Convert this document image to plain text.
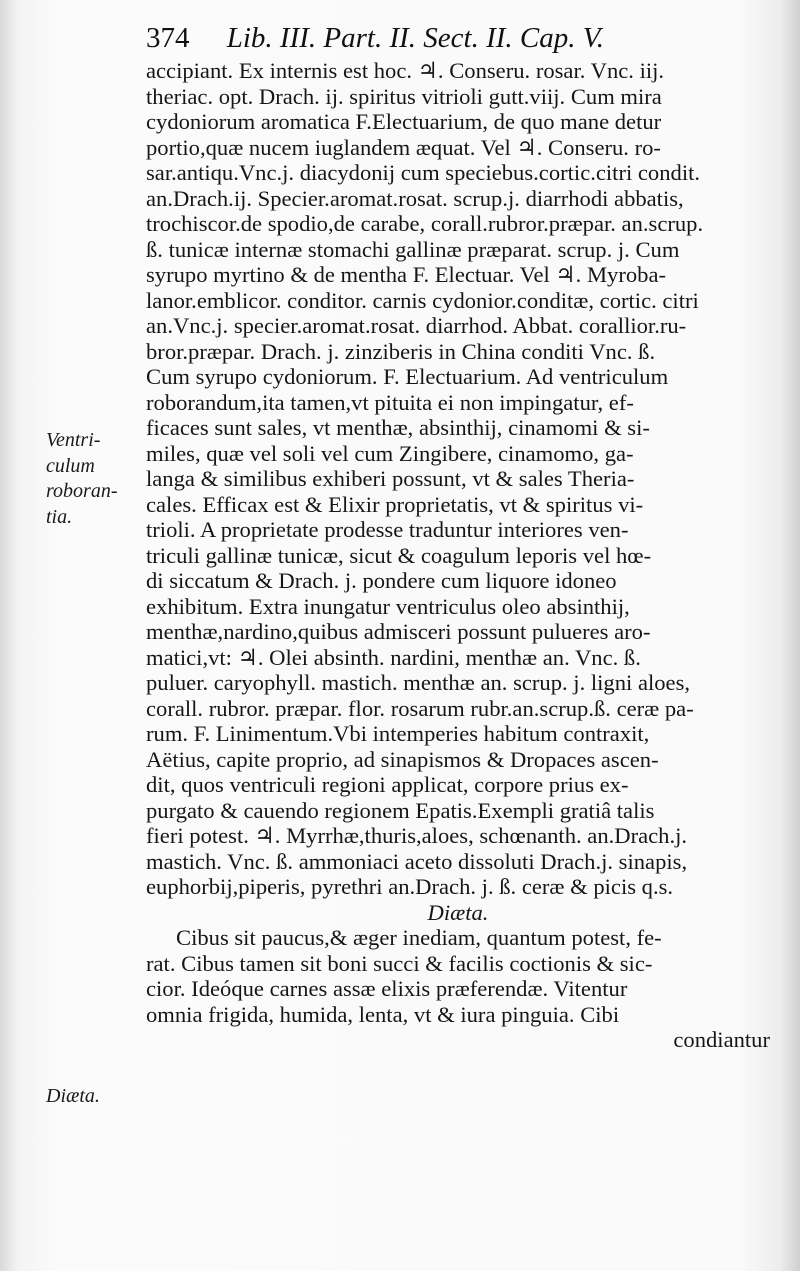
374 Lib. III. Part. II. Sect. II. Cap. V.
Ventri-
culum
roboran-
tia.
Diæta.
accipiant. Ex internis est hoc. ♃. Conseru. rosar. Vnc. iij.
theriac. opt. Drach. ij. spiritus vitrioli gutt.viij. Cum mira
cydoniorum aromatica F.Electuarium, de quo mane detur
portio,quæ nucem iuglandem æquat. Vel ♃. Conseru. ro-
sar.antiqu.Vnc.j. diacydonij cum speciebus.cortic.citri condit.
an.Drach.ij. Specier.aromat.rosat. scrup.j. diarrhodi abbatis,
trochiscor.de spodio,de carabe, corall.rubror.præpar. an.scrup.
ß. tunicæ internæ stomachi gallinæ præparat. scrup. j. Cum
syrupo myrtino & de mentha F. Electuar. Vel ♃. Myroba-
lanor.emblicor. conditor. carnis cydonior.conditæ, cortic. citri
an.Vnc.j. specier.aromat.rosat. diarrhod. Abbat. corallior.ru-
bror.præpar. Drach. j. zinziberis in China conditi Vnc. ß.
Cum syrupo cydoniorum. F. Electuarium. Ad ventriculum
roborandum,ita tamen,vt pituita ei non impingatur, ef-
ficaces sunt sales, vt menthæ, absinthij, cinamomi & si-
miles, quæ vel soli vel cum Zingibere, cinamomo, ga-
langa & similibus exhiberi possunt, vt & sales Theria-
cales. Efficax est & Elixir proprietatis, vt & spiritus vi-
trioli. A proprietate prodesse traduntur interiores ven-
triculi gallinæ tunicæ, sicut & coagulum leporis vel hœ-
di siccatum & Drach. j. pondere cum liquore idoneo
exhibitum. Extra inungatur ventriculus oleo absinthij,
menthæ,nardino,quibus admisceri possunt pulueres aro-
matici,vt: ♃. Olei absinth. nardini, menthæ an. Vnc. ß.
puluer. caryophyll. mastich. menthæ an. scrup. j. ligni aloes,
corall. rubror. præpar. flor. rosarum rubr.an.scrup.ß. ceræ pa-
rum. F. Linimentum.Vbi intemperies habitum contraxit,
Aëtius, capite proprio, ad sinapismos & Dropaces ascen-
dit, quos ventriculi regioni applicat, corpore prius ex-
purgato & cauendo regionem Epatis.Exempli gratiâ talis
fieri potest. ♃. Myrrhæ,thuris,aloes, schœnanth. an.Drach.j.
mastich. Vnc. ß. ammoniaci aceto dissoluti Drach.j. sinapis,
euphorbij,piperis, pyrethri an.Drach. j. ß. ceræ & picis q.s.
Diæta.
Cibus sit paucus,& æger inediam, quantum potest, fe-
rat. Cibus tamen sit boni succi & facilis coctionis & sic-
cior. Ideóque carnes assæ elixis præferendæ. Vitentur
omnia frigida, humida, lenta, vt & iura pinguia. Cibi
condiantur
